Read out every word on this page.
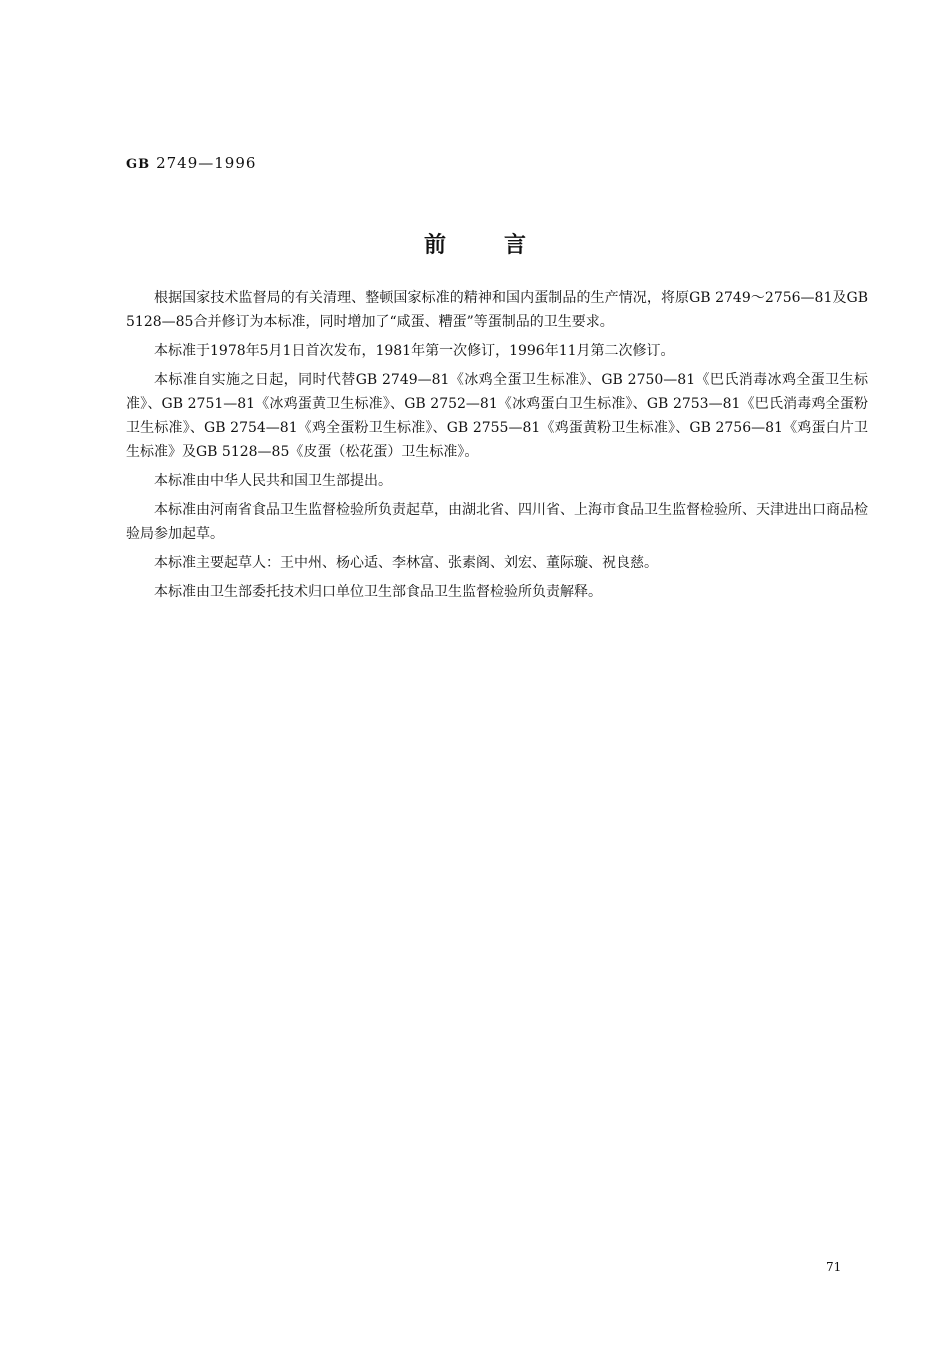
GB 2749—1996
前言

根据国家技术监督局的有关清理、整顿国家标准的精神和国内蛋制品的生产情况，将原GB 2749～2756—81及GB 5128—85合并修订为本标准，同时增加了“咸蛋、糟蛋”等蛋制品的卫生要求。

本标准于1978年5月1日首次发布，1981年第一次修订，1996年11月第二次修订。

本标准自实施之日起，同时代替GB 2749—81《冰鸡全蛋卫生标准》、GB 2750—81《巴氏消毒冰鸡全蛋卫生标准》、GB 2751—81《冰鸡蛋黄卫生标准》、GB 2752—81《冰鸡蛋白卫生标准》、GB 2753—81《巴氏消毒鸡全蛋粉卫生标准》、GB 2754—81《鸡全蛋粉卫生标准》、GB 2755—81《鸡蛋黄粉卫生标准》、GB 2756—81《鸡蛋白片卫生标准》及GB 5128—85《皮蛋（松花蛋）卫生标准》。

本标准由中华人民共和国卫生部提出。

本标准由河南省食品卫生监督检验所负责起草，由湖北省、四川省、上海市食品卫生监督检验所、天津进出口商品检验局参加起草。

本标准主要起草人：王中州、杨心适、李林富、张素阁、刘宏、董际璇、祝良慈。

本标准由卫生部委托技术归口单位卫生部食品卫生监督检验所负责解释。

71
